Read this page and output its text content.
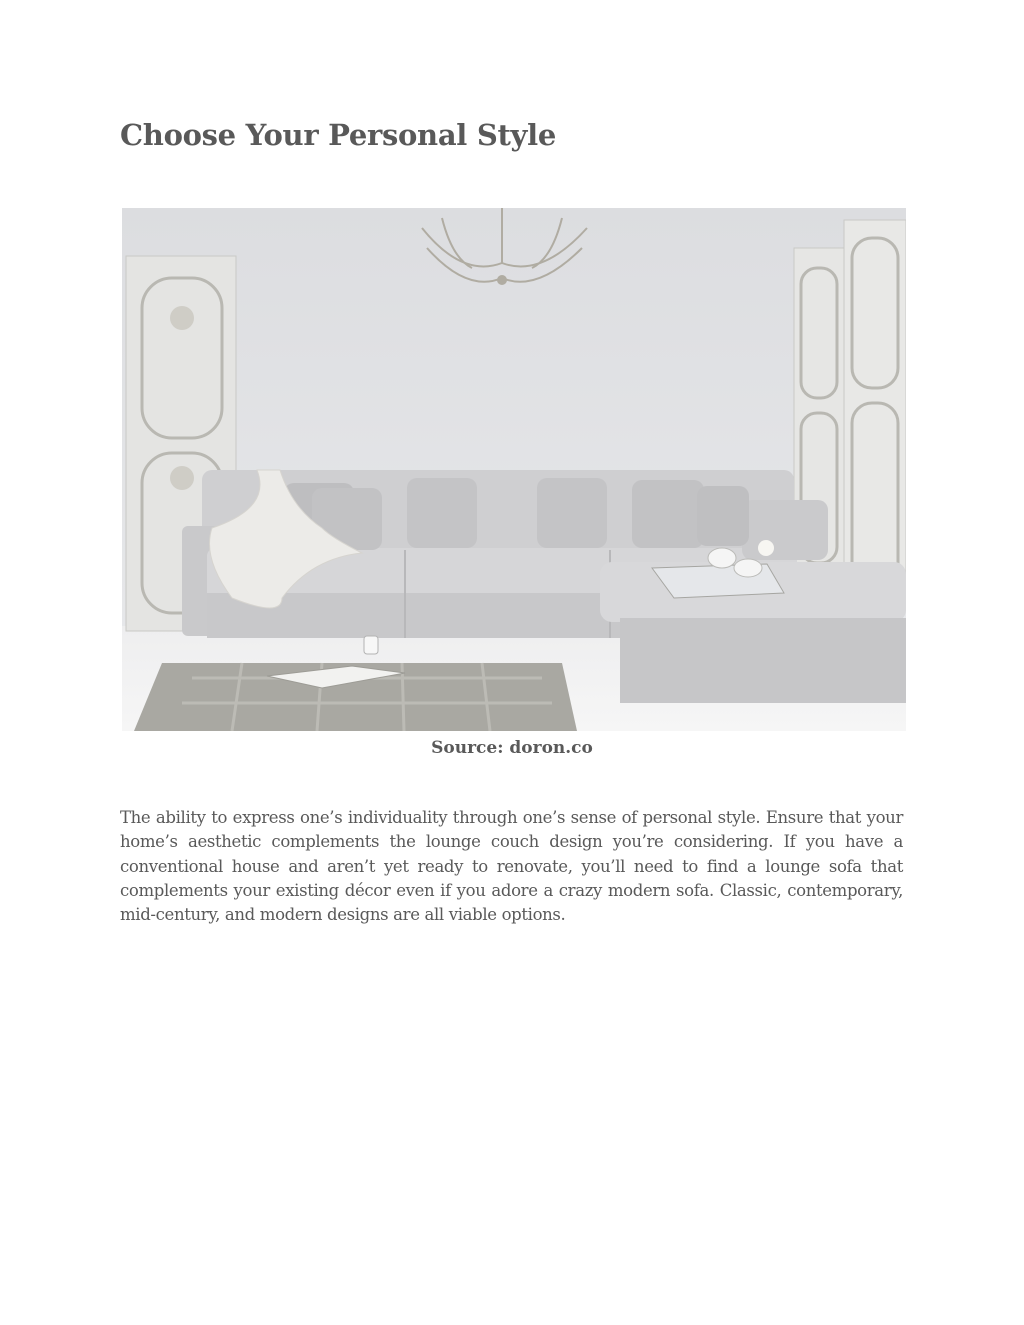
Choose Your Personal Style
Source: doron.co

The ability to express one’s individuality through one’s sense of personal style. Ensure that your home’s aesthetic complements the lounge couch design you’re considering. If you have a conventional house and aren’t yet ready to renovate, you’ll need to find a lounge sofa that complements your existing décor even if you adore a crazy modern sofa. Classic, contemporary, mid-century, and modern designs are all viable options.
